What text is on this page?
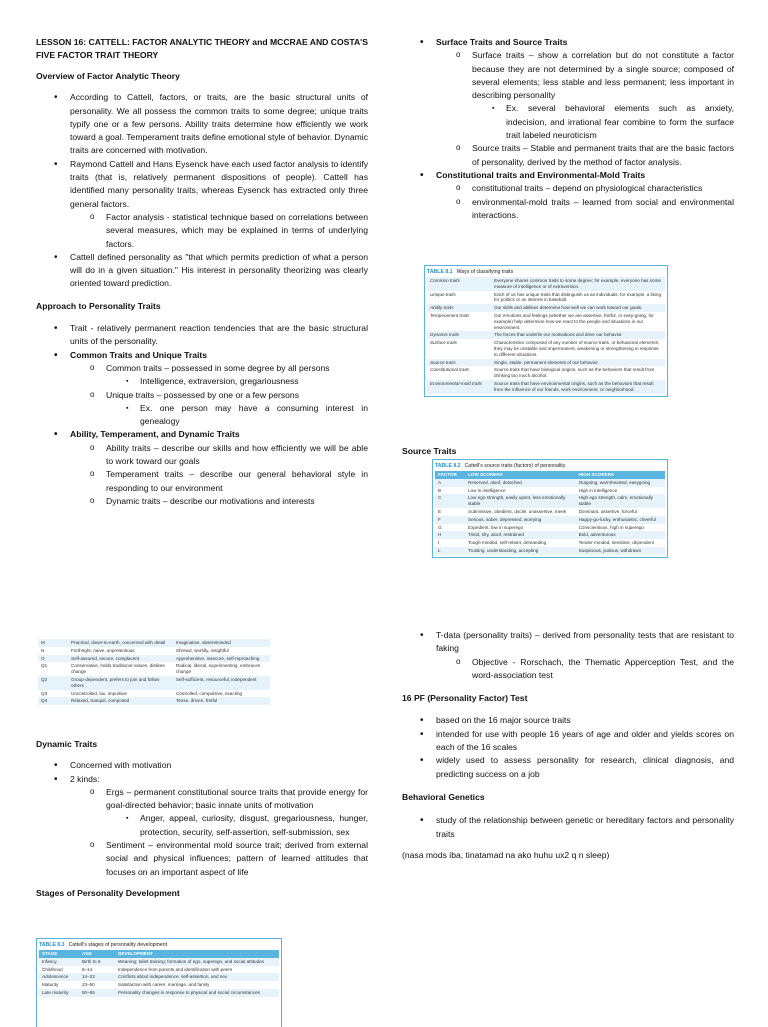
LESSON 16: CATTELL: FACTOR ANALYTIC THEORY and MCCRAE AND COSTA'S FIVE FACTOR TRAIT THEORY

Overview of Factor Analytic Theory

• According to Cattell, factors, or traits, are the basic structural units of personality. We all possess the common traits to some degree; unique traits typify one or a few persons. Ability traits determine how efficiently we work toward a goal. Temperament traits define emotional style of behavior. Dynamic traits are concerned with motivation.
• Raymond Cattell and Hans Eysenck have each used factor analysis to identify traits (that is, relatively permanent dispositions of people). Cattell has identified many personality traits, whereas Eysenck has extracted only three general factors.
o Factor analysis - statistical technique based on correlations between several measures, which may be explained in terms of underlying factors.
• Cattell defined personality as "that which permits prediction of what a person will do in a given situation." His interest in personality theorizing was clearly oriented toward prediction.

Approach to Personality Traits

• Trait - relatively permanent reaction tendencies that are the basic structural units of the personality.
• Common Traits and Unique Traits
o Common traits – possessed in some degree by all persons
▪ Intelligence, extraversion, gregariousness
o Unique traits – possessed by one or a few persons
▪ Ex. one person may have a consuming interest in genealogy
• Ability, Temperament, and Dynamic Traits
o Ability traits – describe our skills and how efficiently we will be able to work toward our goals
o Temperament traits – describe our general behavioral style in responding to our environment
o Dynamic traits – describe our motivations and interests
• Surface Traits and Source Traits
o Surface traits – show a correlation but do not constitute a factor because they are not determined by a single source; composed of several elements; less stable and less permanent; less important in describing personality
▪ Ex. several behavioral elements such as anxiety, indecision, and irrational fear combine to form the surface trait labeled neuroticism
o Source traits – Stable and permanent traits that are the basic factors of personality, derived by the method of factor analysis.
• Constitutional traits and Environmental-Mold Traits
o constitutional traits – depend on physiological characteristics
o environmental-mold traits – learned from social and environmental interactions.
TABLE 8.1 Ways of classifying traits
Common traits	Everyone shares common traits to some degree; for example, everyone has some measure of intelligence or of extraversion.
Unique traits	Each of us has unique traits that distinguish us as individuals; for example, a liking for politics or an interest in baseball.
Ability traits	Our skills and abilities determine how well we can work toward our goals.
Temperament traits	Our emotions and feelings (whether we are assertive, fretful, or easy-going, for example) help determine how we react to the people and situations in our environment.
Dynamic traits	The forces that underlie our motivations and drive our behavior.
Surface traits	Characteristics composed of any number of source traits, or behavioral elements; they may be unstable and impermanent, weakening or strengthening in response to different situations.
Source traits	Single, stable, permanent elements of our behavior.
Constitutional traits	Source traits that have biological origins, such as the behaviors that result from drinking too much alcohol.
Environmental-mold traits	Source traits that have environmental origins, such as the behaviors that result from the influence of our friends, work environment, or neighborhood.

Source Traits

TABLE 8.2 Cattell's source traits (factors) of personality
FACTOR	LOW SCORERS	HIGH SCORERS
A	Reserved, aloof, detached	Outgoing, warmhearted, easygoing
B	Low in intelligence	High in intelligence
C	Low ego strength, easily upset, less emotionally stable	High ego strength, calm, emotionally stable
E	Submissive, obedient, docile, unassertive, meek	Dominant, assertive, forceful
F	Serious, sober, depressed, worrying	Happy-go-lucky, enthusiastic, cheerful
G	Expedient, low in superego	Conscientious, high in superego
H	Timid, shy, aloof, restrained	Bold, adventurous
I	Tough-minded, self-reliant, demanding	Tender-minded, sensitive, dependent
L	Trusting, understanding, accepting	Suspicious, jealous, withdrawn
M	Practical, down-to-earth, concerned with detail	Imaginative, absentminded
N	Forthright, naive, unpretentious	Shrewd, worldly, insightful
O	Self-assured, secure, complacent	Apprehensive, insecure, self-reproaching
Q1	Conservative, holds traditional values, dislikes change	Radical, liberal, experimenting, embraces change
Q2	Group-dependent, prefers to join and follow others	Self-sufficient, resourceful, independent
Q3	Uncontrolled, lax, impulsive	Controlled, compulsive, exacting
Q4	Relaxed, tranquil, composed	Tense, driven, fretful

Dynamic Traits

• Concerned with motivation
• 2 kinds:
o Ergs – permanent constitutional source traits that provide energy for goal-directed behavior; basic innate units of motivation
▪ Anger, appeal, curiosity, disgust, gregariousness, hunger, protection, security, self-assertion, self-submission, sex
o Sentiment – environmental mold source trait; derived from external social and physical influences; pattern of learned attitudes that focuses on an important aspect of life

Stages of Personality Development

TABLE 8.3 Cattell's stages of personality development
STAGE	AGE	DEVELOPMENT
Infancy	Birth to 6	Weaning; toilet training; formation of ego, superego, and social attitudes
Childhood	6–14	Independence from parents and identification with peers
Adolescence	14–23	Conflicts about independence, self-assertion, and sex
Maturity	23–50	Satisfaction with career, marriage, and family
Late maturity	50–65	Personality changes in response to physical and social circumstances
• T-data (personality traits) – derived from personality tests that are resistant to faking
o Objective - Rorschach, the Thematic Apperception Test, and the word-association test

16 PF (Personality Factor) Test

• based on the 16 major source traits
• intended for use with people 16 years of age and older and yields scores on each of the 16 scales
• widely used to assess personality for research, clinical diagnosis, and predicting success on a job

Behavioral Genetics

• study of the relationship between genetic or hereditary factors and personality traits

(nasa mods iba, tinatamad na ako huhu ux2 q n sleep)
